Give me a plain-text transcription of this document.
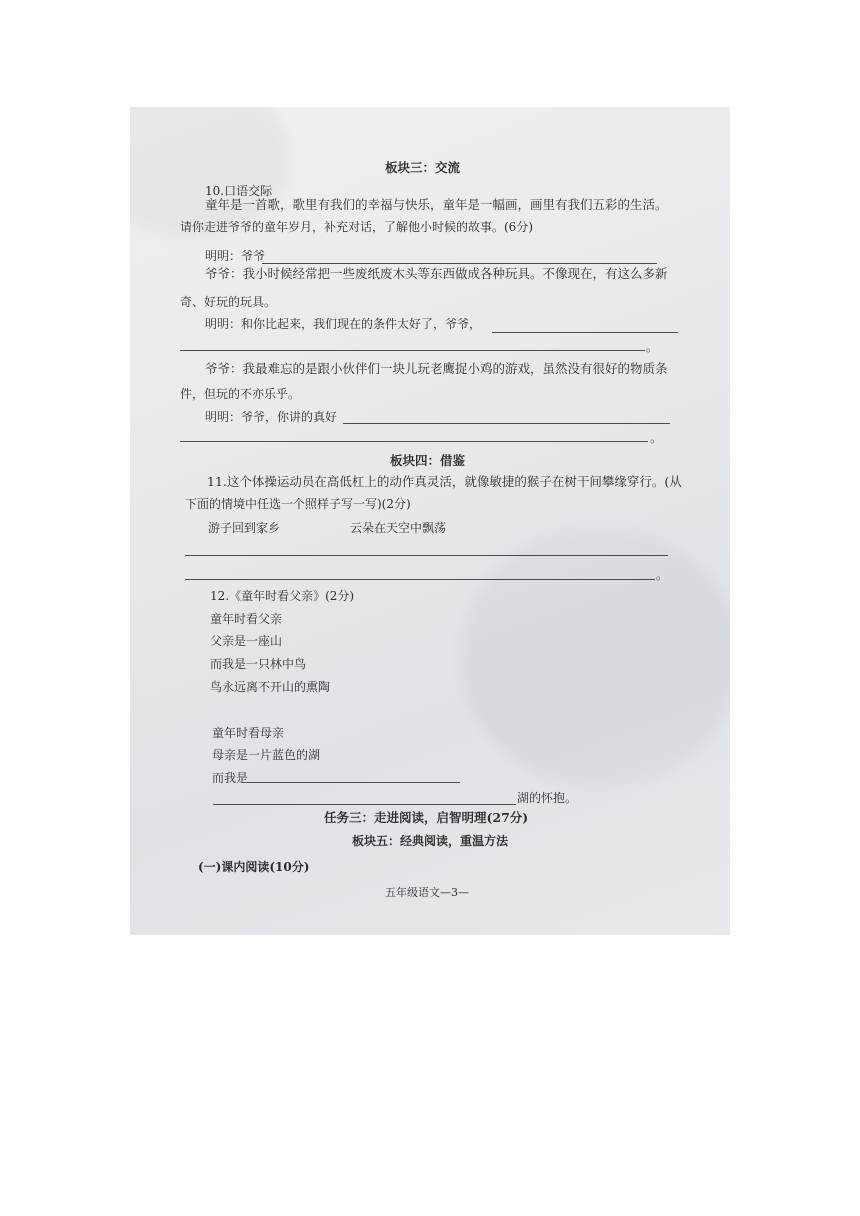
板块三：交流
10.口语交际
童年是一首歌，歌里有我们的幸福与快乐，童年是一幅画，画里有我们五彩的生活。
请你走进爷爷的童年岁月，补充对话，了解他小时候的故事。(6分)
明明：爷爷
爷爷：我小时候经常把一些废纸废木头等东西做成各种玩具。不像现在，有这么多新
奇、好玩的玩具。
明明：和你比起来，我们现在的条件太好了，爷爷，
。
爷爷：我最难忘的是跟小伙伴们一块儿玩老鹰捉小鸡的游戏，虽然没有很好的物质条
件，但玩的不亦乐乎。
明明：爷爷，你讲的真好
。
板块四：借鉴
11.这个体操运动员在高低杠上的动作真灵活，就像敏捷的猴子在树干间攀缘穿行。(从
下面的情境中任选一个照样子写一写)(2分)
游子回到家乡	云朵在天空中飘荡
。
12.《童年时看父亲》(2分)
童年时看父亲
父亲是一座山
而我是一只林中鸟
鸟永远离不开山的熏陶
童年时看母亲
母亲是一片蓝色的湖
而我是
湖的怀抱。
任务三：走进阅读，启智明理(27分)
板块五：经典阅读，重温方法
(一)课内阅读(10分)
五年级语文—3—
